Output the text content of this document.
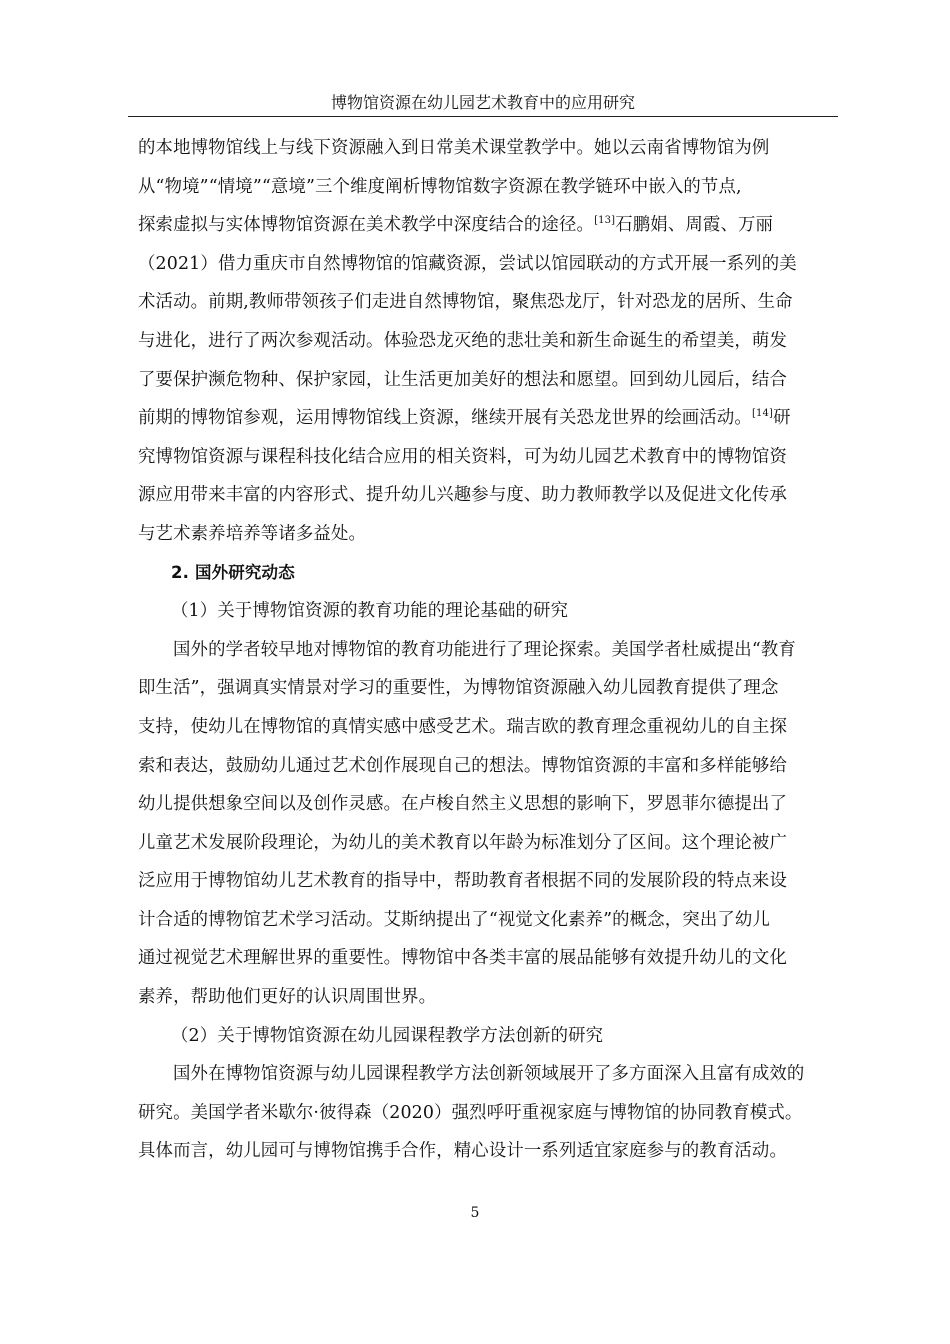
博物馆资源在幼儿园艺术教育中的应用研究
的本地博物馆线上与线下资源融入到日常美术课堂教学中。她以云南省博物馆为例
从“物境”“情境”“意境”三个维度阐析博物馆数字资源在教学链环中嵌入的节点,
探索虚拟与实体博物馆资源在美术教学中深度结合的途径。[13]石鹏娟、周霞、万丽
（2021）借力重庆市自然博物馆的馆藏资源，尝试以馆园联动的方式开展一系列的美
术活动。前期,教师带领孩子们走进自然博物馆，聚焦恐龙厅，针对恐龙的居所、生命
与进化，进行了两次参观活动。体验恐龙灭绝的悲壮美和新生命诞生的希望美，萌发
了要保护濒危物种、保护家园，让生活更加美好的想法和愿望。回到幼儿园后，结合
前期的博物馆参观，运用博物馆线上资源，继续开展有关恐龙世界的绘画活动。[14]研
究博物馆资源与课程科技化结合应用的相关资料，可为幼儿园艺术教育中的博物馆资
源应用带来丰富的内容形式、提升幼儿兴趣参与度、助力教师教学以及促进文化传承
与艺术素养培养等诸多益处。
2. 国外研究动态
（1）关于博物馆资源的教育功能的理论基础的研究
国外的学者较早地对博物馆的教育功能进行了理论探索。美国学者杜威提出“教育
即生活”，强调真实情景对学习的重要性，为博物馆资源融入幼儿园教育提供了理念
支持，使幼儿在博物馆的真情实感中感受艺术。瑞吉欧的教育理念重视幼儿的自主探
索和表达，鼓励幼儿通过艺术创作展现自己的想法。博物馆资源的丰富和多样能够给
幼儿提供想象空间以及创作灵感。在卢梭自然主义思想的影响下，罗恩菲尔德提出了
儿童艺术发展阶段理论，为幼儿的美术教育以年龄为标准划分了区间。这个理论被广
泛应用于博物馆幼儿艺术教育的指导中，帮助教育者根据不同的发展阶段的特点来设
计合适的博物馆艺术学习活动。艾斯纳提出了“视觉文化素养”的概念，突出了幼儿
通过视觉艺术理解世界的重要性。博物馆中各类丰富的展品能够有效提升幼儿的文化
素养，帮助他们更好的认识周围世界。
（2）关于博物馆资源在幼儿园课程教学方法创新的研究
国外在博物馆资源与幼儿园课程教学方法创新领域展开了多方面深入且富有成效的
研究。美国学者米歇尔·彼得森（2020）强烈呼吁重视家庭与博物馆的协同教育模式。
具体而言，幼儿园可与博物馆携手合作，精心设计一系列适宜家庭参与的教育活动。
5
